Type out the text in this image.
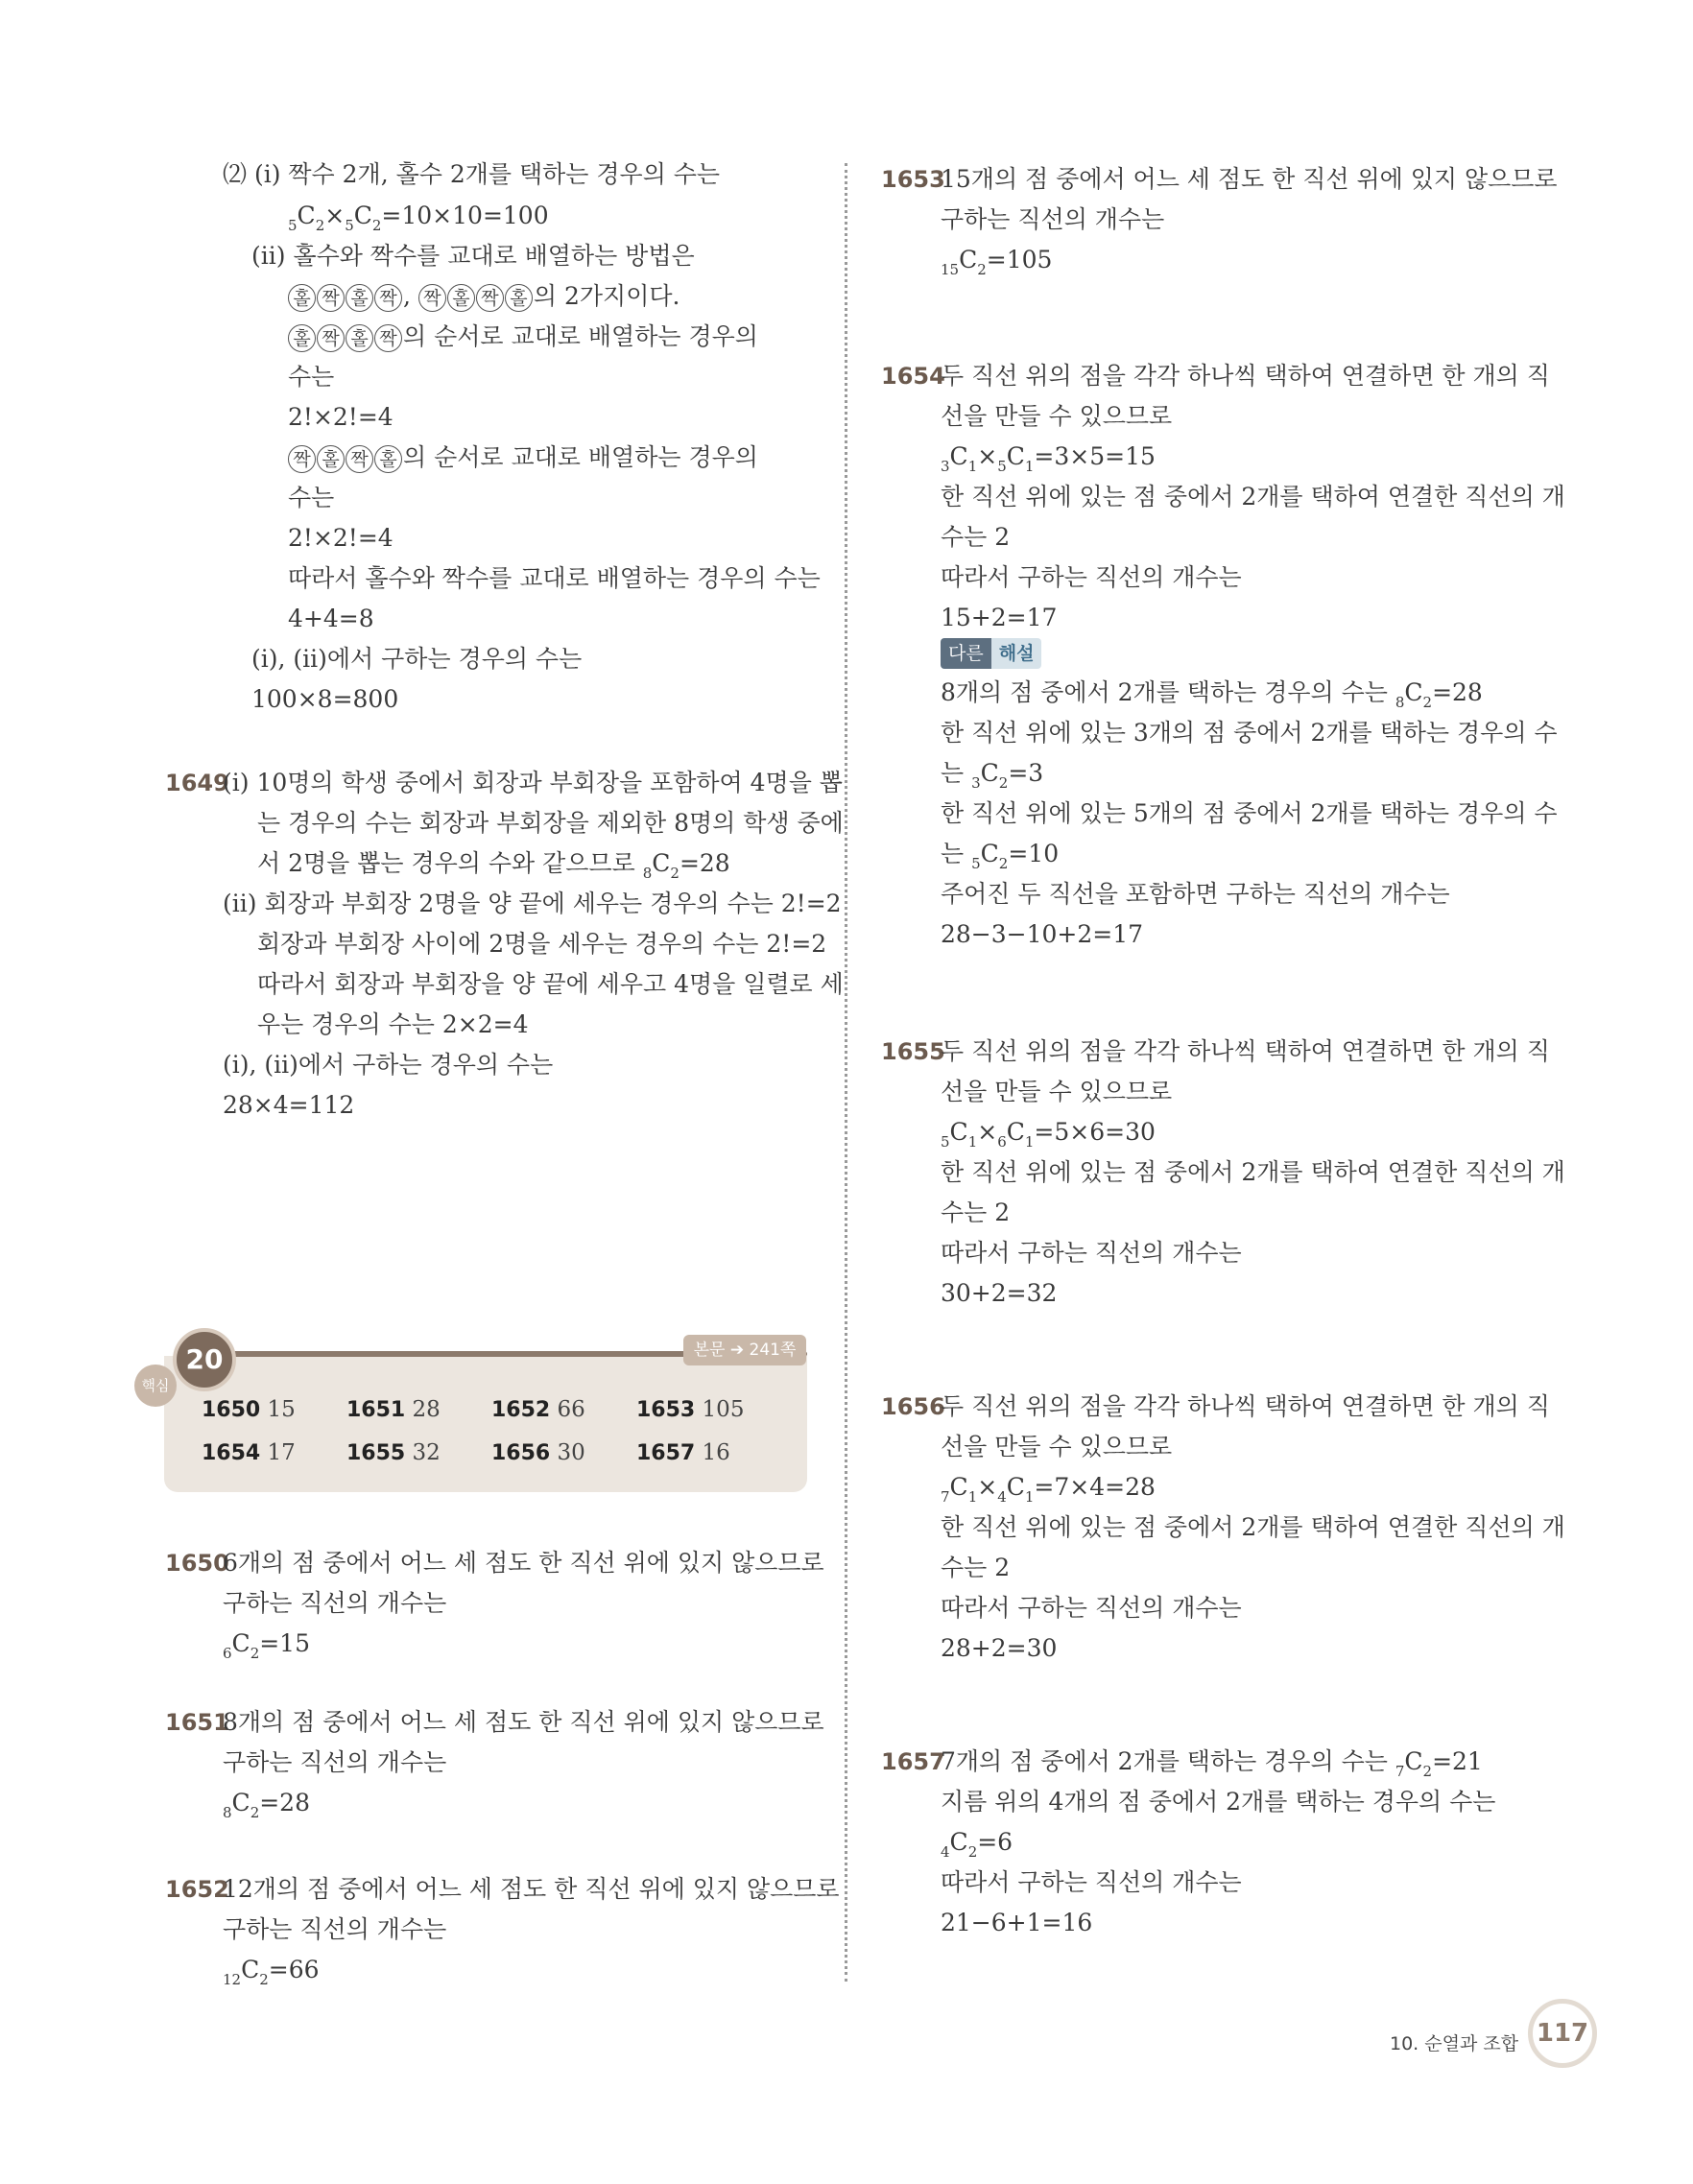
⑵ (ⅰ) 짝수 2개, 홀수 2개를 택하는 경우의 수는
$_5C_2\times_5C_2=10\times 10=100$
(ⅱ) 홀수와 짝수를 교대로 배열하는 방법은
홀 짝 홀 짝 , 짝 홀 짝 홀 의 2가지이다.
홀 짝 홀 짝 의 순서로 교대로 배열하는 경우의
수는
2!×2!=4
짝 홀 짝 홀 의 순서로 교대로 배열하는 경우의
수는
2!×2!=4
따라서 홀수와 짝수를 교대로 배열하는 경우의 수는
4+4=8
(ⅰ), (ⅱ)에서 구하는 경우의 수는
100×8=800
1649
(ⅰ) 10명의 학생 중에서 회장과 부회장을 포함하여 4명을 뽑
는 경우의 수는 회장과 부회장을 제외한 8명의 학생 중에
서 2명을 뽑는 경우의 수와 같으므로 $_8C_2=28$
(ⅱ) 회장과 부회장 2명을 양 끝에 세우는 경우의 수는 2!=2
회장과 부회장 사이에 2명을 세우는 경우의 수는 2!=2
따라서 회장과 부회장을 양 끝에 세우고 4명을 일렬로 세
우는 경우의 수는 2×2=4
(ⅰ), (ⅱ)에서 구하는 경우의 수는
28×4=112
핵심
20	본문 ➔ 241쪽
1650 15 1651 28 1652 66 1653 105
1654 17 1655 32 1656 30 1657 16
1650
6개의 점 중에서 어느 세 점도 한 직선 위에 있지 않으므로
구하는 직선의 개수는
$_6C_2=15$
1651
8개의 점 중에서 어느 세 점도 한 직선 위에 있지 않으므로
구하는 직선의 개수는
$_8C_2=28$
1652
12개의 점 중에서 어느 세 점도 한 직선 위에 있지 않으므로
구하는 직선의 개수는
$_{12}C_2=66$
1653
15개의 점 중에서 어느 세 점도 한 직선 위에 있지 않으므로
구하는 직선의 개수는
$_{15}C_2=105$
1654
두 직선 위의 점을 각각 하나씩 택하여 연결하면 한 개의 직
선을 만들 수 있으므로
$_3C_1\times_5C_1=3\times 5=15$
한 직선 위에 있는 점 중에서 2개를 택하여 연결한 직선의 개
수는 2
따라서 구하는 직선의 개수는
15+2=17
다른 해설
8개의 점 중에서 2개를 택하는 경우의 수는 $_8C_2=28$
한 직선 위에 있는 3개의 점 중에서 2개를 택하는 경우의 수
는 $_3C_2=3$
한 직선 위에 있는 5개의 점 중에서 2개를 택하는 경우의 수
는 $_5C_2=10$
주어진 두 직선을 포함하면 구하는 직선의 개수는
28−3−10+2=17
1655
두 직선 위의 점을 각각 하나씩 택하여 연결하면 한 개의 직
선을 만들 수 있으므로
$_5C_1\times_6C_1=5\times 6=30$
한 직선 위에 있는 점 중에서 2개를 택하여 연결한 직선의 개
수는 2
따라서 구하는 직선의 개수는
30+2=32
1656
두 직선 위의 점을 각각 하나씩 택하여 연결하면 한 개의 직
선을 만들 수 있으므로
$_7C_1\times_4C_1=7\times 4=28$
한 직선 위에 있는 점 중에서 2개를 택하여 연결한 직선의 개
수는 2
따라서 구하는 직선의 개수는
28+2=30
1657
7개의 점 중에서 2개를 택하는 경우의 수는 $_7C_2=21$
지름 위의 4개의 점 중에서 2개를 택하는 경우의 수는
$_4C_2=6$
따라서 구하는 직선의 개수는
21−6+1=16
10. 순열과 조합 117
